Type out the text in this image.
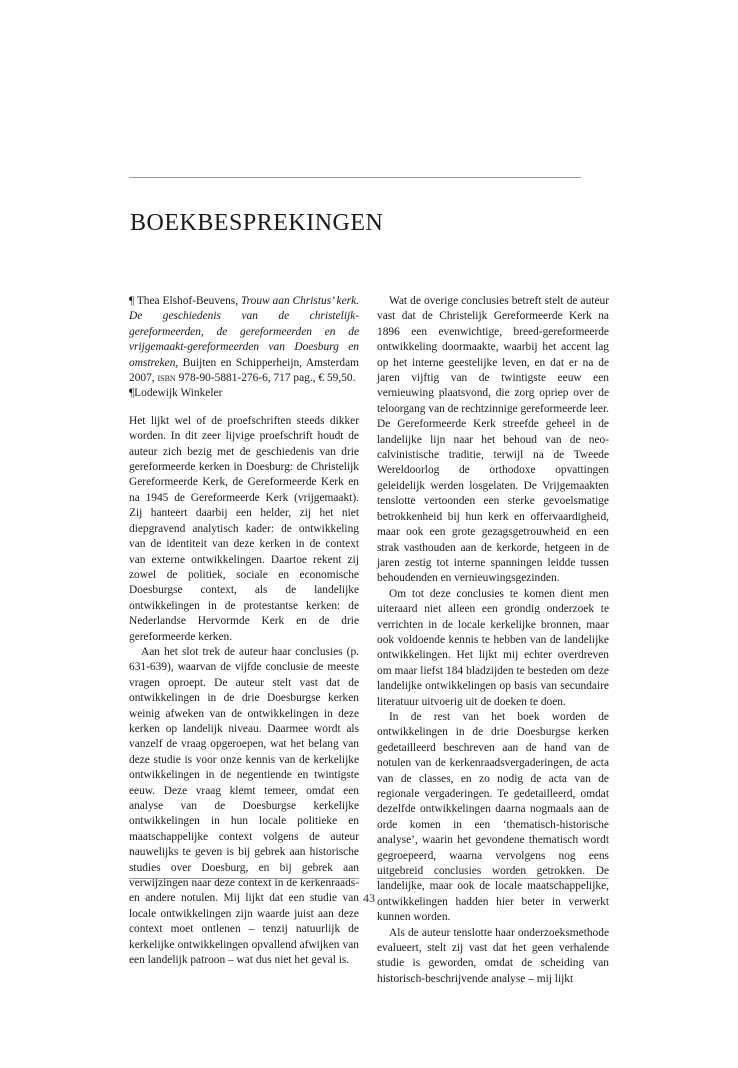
BOEKBESPREKINGEN

¶ Thea Elshof-Beuvens, Trouw aan Christus’ kerk. De geschiedenis van de christelijk-gereformeerden, de gereformeerden en de vrijgemaakt-gereformeerden van Doesburg en omstreken, Buijten en Schipperheijn, Amsterdam 2007, isbn 978-90-5881-276-6, 717 pag., € 59,50.

¶Lodewijk Winkeler

Het lijkt wel of de proefschriften steeds dikker worden. In dit zeer lijvige proefschrift houdt de auteur zich bezig met de geschiedenis van drie gereformeerde kerken in Doesburg: de Christelijk Gereformeerde Kerk, de Gereformeerde Kerk en na 1945 de Gereformeerde Kerk (vrijgemaakt). Zij hanteert daarbij een helder, zij het niet diepgravend analytisch kader: de ontwikkeling van de identiteit van deze kerken in de context van externe ontwikkelingen. Daartoe rekent zij zowel de politiek, sociale en economische Doesburgse context, als de landelijke ontwikkelingen in de protestantse kerken: de Nederlandse Hervormde Kerk en de drie gereformeerde kerken.

Aan het slot trek de auteur haar conclusies (p. 631-639), waarvan de vijfde conclusie de meeste vragen oproept. De auteur stelt vast dat de ontwikkelingen in de drie Doesburgse kerken weinig afweken van de ontwikkelingen in deze kerken op landelijk niveau. Daarmee wordt als vanzelf de vraag opgeroepen, wat het belang van deze studie is voor onze kennis van de kerkelijke ontwikkelingen in de negentiende en twintigste eeuw. Deze vraag klemt temeer, omdat een analyse van de Doesburgse kerkelijke ontwikkelingen in hun locale politieke en maatschappelijke context volgens de auteur nauwelijks te geven is bij gebrek aan historische studies over Doesburg, en bij gebrek aan verwijzingen naar deze context in de kerkenraads- en andere notulen. Mij lijkt dat een studie van locale ontwikkelingen zijn waarde juist aan deze context moet ontlenen – tenzij natuurlijk de kerkelijke ontwikkelingen opvallend afwijken van een landelijk patroon – wat dus niet het geval is.

Wat de overige conclusies betreft stelt de auteur vast dat de Christelijk Gereformeerde Kerk na 1896 een evenwichtige, breed-gereformeerde ontwikkeling doormaakte, waarbij het accent lag op het interne geestelijke leven, en dat er na de jaren vijftig van de twintigste eeuw een vernieuwing plaatsvond, die zorg opriep over de teloorgang van de rechtzinnige gereformeerde leer. De Gereformeerde Kerk streefde geheel in de landelijke lijn naar het behoud van de neo-calvinistische traditie, terwijl na de Tweede Wereldoorlog de orthodoxe opvattingen geleidelijk werden losgelaten. De Vrijgemaakten tenslotte vertoonden een sterke gevoelsmatige betrokkenheid bij hun kerk en offervaardigheid, maar ook een grote gezagsgetrouwheid en een strak vasthouden aan de kerkorde, hetgeen in de jaren zestig tot interne spanningen leidde tussen behoudenden en vernieuwingsgezinden.

Om tot deze conclusies te komen dient men uiteraard niet alleen een grondig onderzoek te verrichten in de locale kerkelijke bronnen, maar ook voldoende kennis te hebben van de landelijke ontwikkelingen. Het lijkt mij echter overdreven om maar liefst 184 bladzijden te besteden om deze landelijke ontwikkelingen op basis van secundaire literatuur uitvoerig uit de doeken te doen.

In de rest van het boek worden de ontwikkelingen in de drie Doesburgse kerken gedetailleerd beschreven aan de hand van de notulen van de kerkenraadsvergaderingen, de acta van de classes, en zo nodig de acta van de regionale vergaderingen. Te gedetailleerd, omdat dezelfde ontwikkelingen daarna nogmaals aan de orde komen in een ‘thematisch-historische analyse’, waarin het gevondene thematisch wordt gegroepeerd, waarna vervolgens nog eens uitgebreid conclusies worden getrokken. De landelijke, maar ook de locale maatschappelijke, ontwikkelingen hadden hier beter in verwerkt kunnen worden.

Als de auteur tenslotte haar onderzoeksmethode evalueert, stelt zij vast dat het geen verhalende studie is geworden, omdat de scheiding van historisch-beschrijvende analyse – mij lijkt

43
